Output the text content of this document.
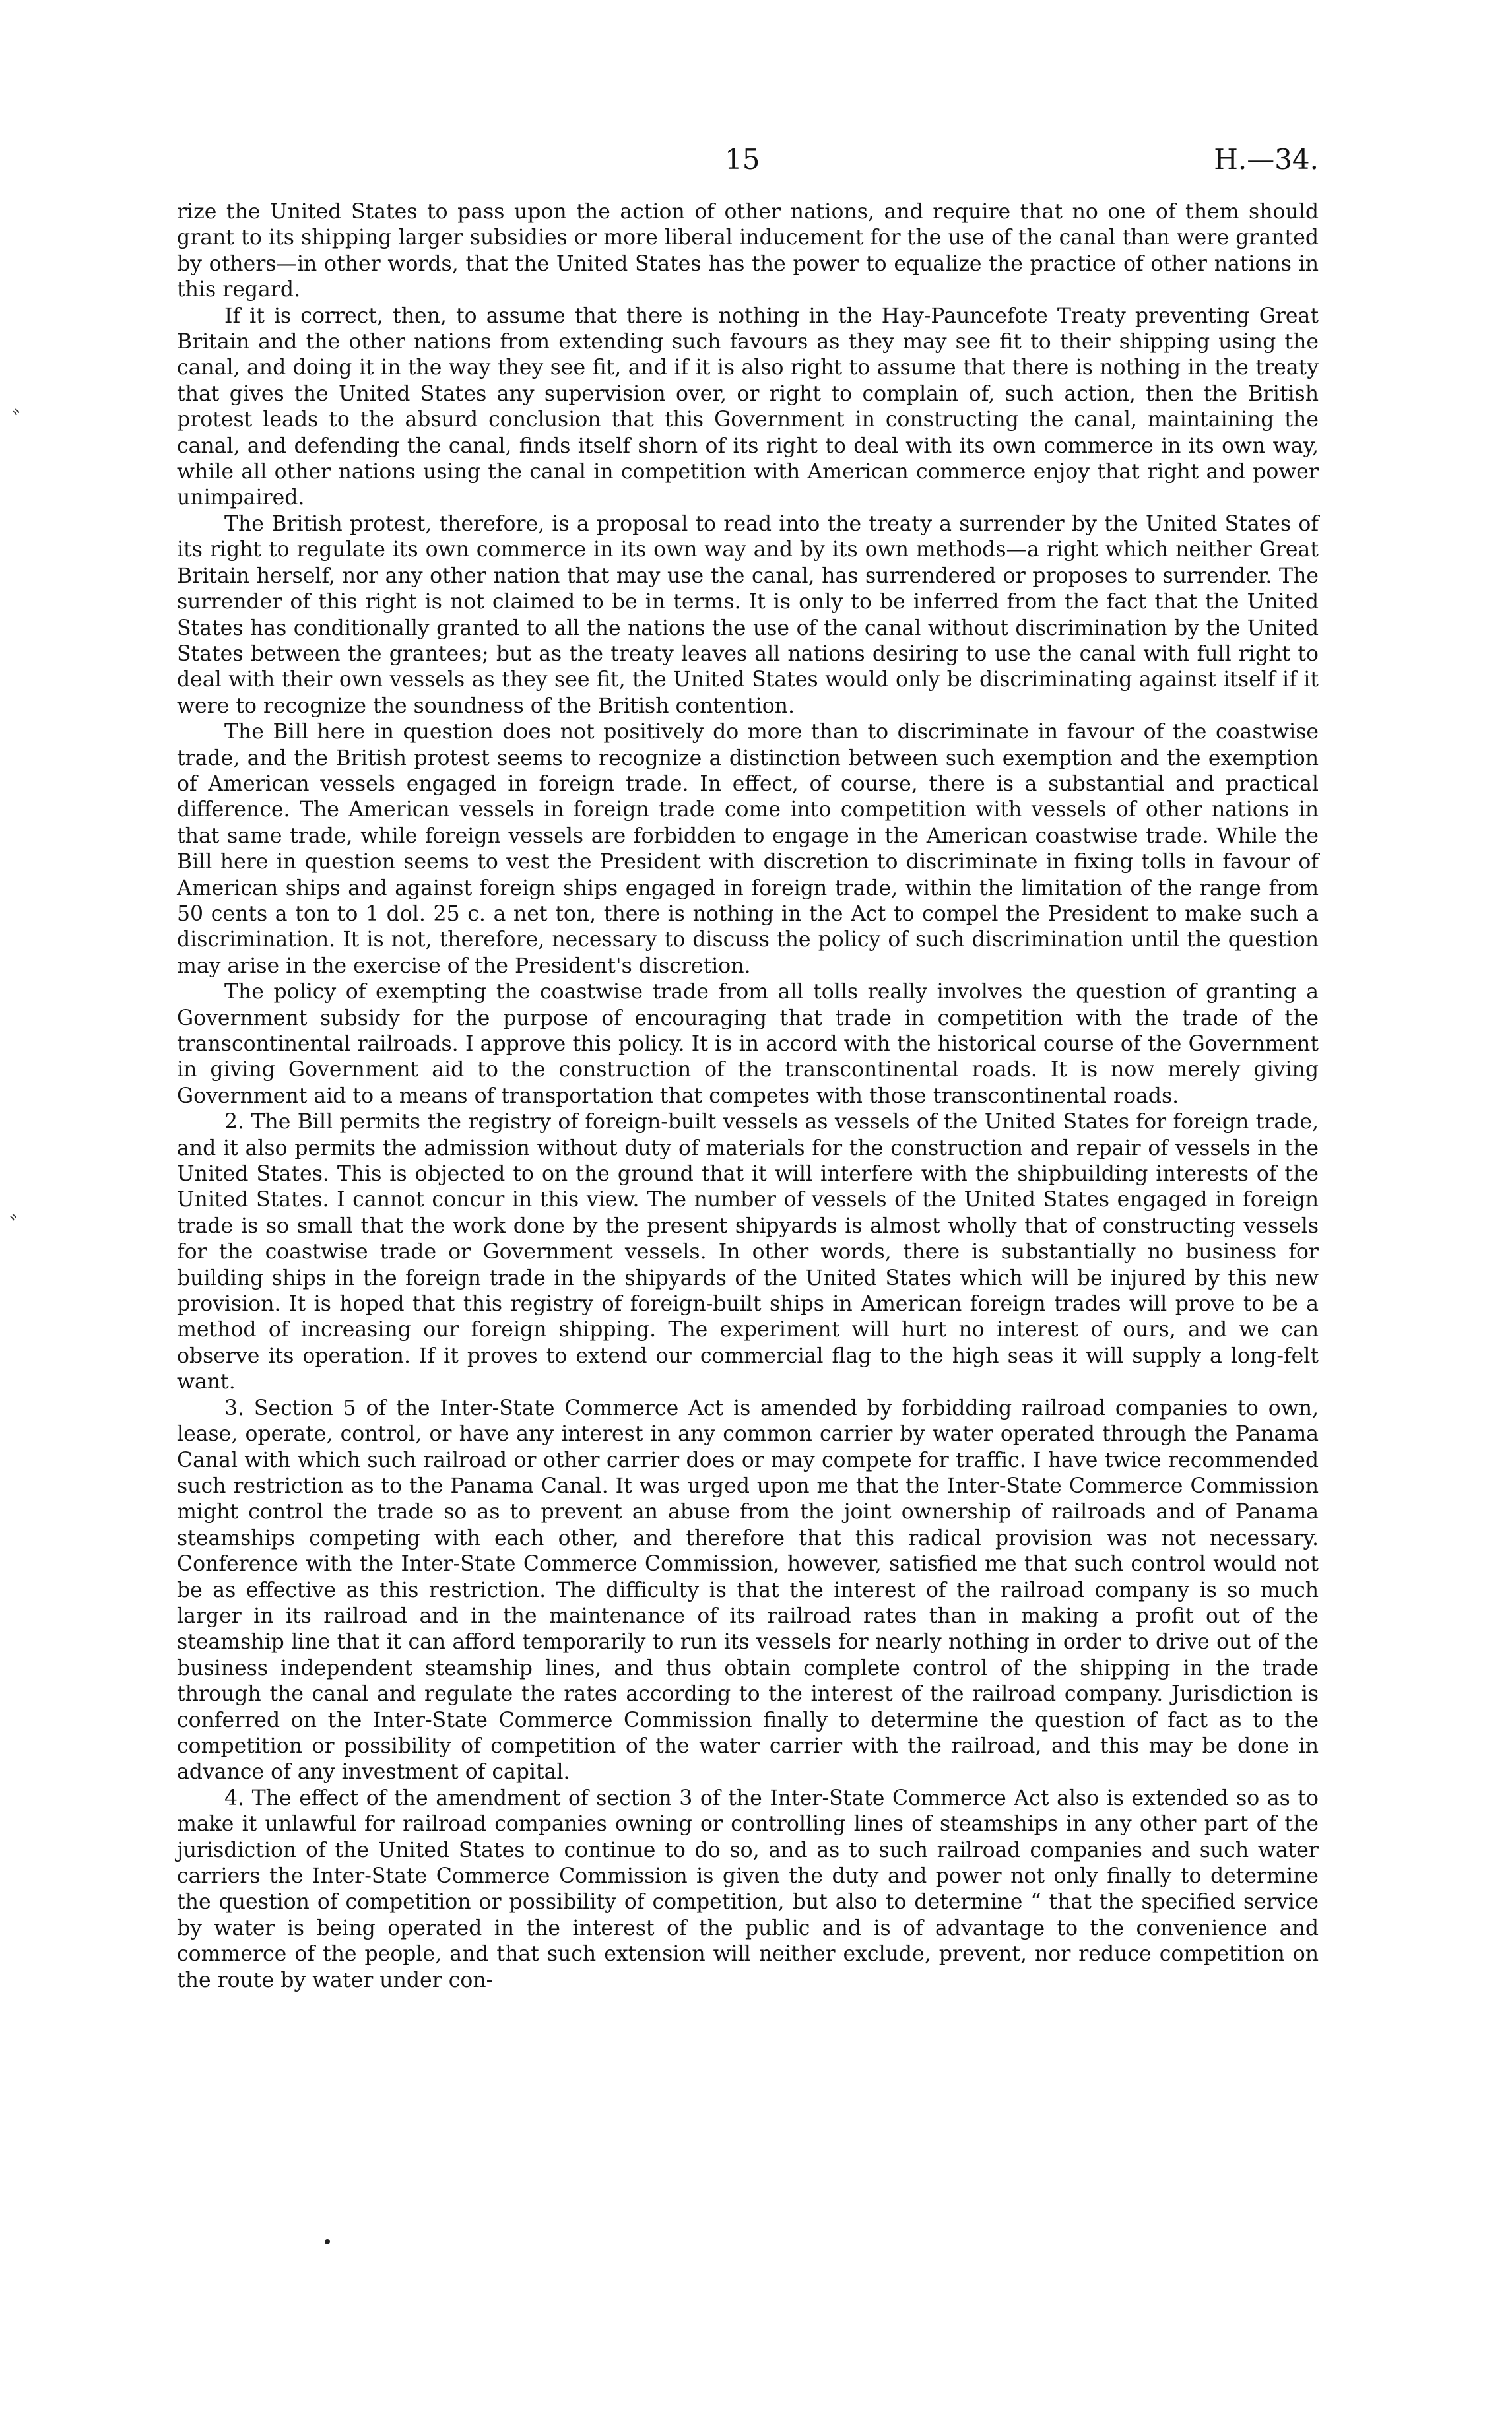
15	H.—34.

rize the United States to pass upon the action of other nations, and require that no one of them should grant to its shipping larger subsidies or more liberal inducement for the use of the canal than were granted by others—in other words, that the United States has the power to equalize the practice of other nations in this regard.

If it is correct, then, to assume that there is nothing in the Hay-Pauncefote Treaty preventing Great Britain and the other nations from extending such favours as they may see fit to their shipping using the canal, and doing it in the way they see fit, and if it is also right to assume that there is nothing in the treaty that gives the United States any supervision over, or right to complain of, such action, then the British protest leads to the absurd conclusion that this Government in constructing the canal, maintaining the canal, and defending the canal, finds itself shorn of its right to deal with its own commerce in its own way, while all other nations using the canal in competition with American commerce enjoy that right and power unimpaired.

The British protest, therefore, is a proposal to read into the treaty a surrender by the United States of its right to regulate its own commerce in its own way and by its own methods—a right which neither Great Britain herself, nor any other nation that may use the canal, has surrendered or proposes to surrender. The surrender of this right is not claimed to be in terms. It is only to be inferred from the fact that the United States has conditionally granted to all the nations the use of the canal without discrimination by the United States between the grantees; but as the treaty leaves all nations desiring to use the canal with full right to deal with their own vessels as they see fit, the United States would only be discriminating against itself if it were to recognize the soundness of the British contention.

The Bill here in question does not positively do more than to discriminate in favour of the coastwise trade, and the British protest seems to recognize a distinction between such exemption and the exemption of American vessels engaged in foreign trade. In effect, of course, there is a substantial and practical difference. The American vessels in foreign trade come into competition with vessels of other nations in that same trade, while foreign vessels are forbidden to engage in the American coastwise trade. While the Bill here in question seems to vest the President with discretion to discriminate in fixing tolls in favour of American ships and against foreign ships engaged in foreign trade, within the limitation of the range from 50 cents a ton to 1 dol. 25 c. a net ton, there is nothing in the Act to compel the President to make such a discrimination. It is not, therefore, necessary to discuss the policy of such discrimination until the question may arise in the exercise of the President's discretion.

The policy of exempting the coastwise trade from all tolls really involves the question of granting a Government subsidy for the purpose of encouraging that trade in competition with the trade of the transcontinental railroads. I approve this policy. It is in accord with the historical course of the Government in giving Government aid to the construction of the transcontinental roads. It is now merely giving Government aid to a means of transportation that competes with those transcontinental roads.

2. The Bill permits the registry of foreign-built vessels as vessels of the United States for foreign trade, and it also permits the admission without duty of materials for the construction and repair of vessels in the United States. This is objected to on the ground that it will interfere with the shipbuilding interests of the United States. I cannot concur in this view. The number of vessels of the United States engaged in foreign trade is so small that the work done by the present shipyards is almost wholly that of constructing vessels for the coastwise trade or Government vessels. In other words, there is substantially no business for building ships in the foreign trade in the shipyards of the United States which will be injured by this new provision. It is hoped that this registry of foreign-built ships in American foreign trades will prove to be a method of increasing our foreign shipping. The experiment will hurt no interest of ours, and we can observe its operation. If it proves to extend our commercial flag to the high seas it will supply a long-felt want.

3. Section 5 of the Inter-State Commerce Act is amended by forbidding railroad companies to own, lease, operate, control, or have any interest in any common carrier by water operated through the Panama Canal with which such railroad or other carrier does or may compete for traffic. I have twice recommended such restriction as to the Panama Canal. It was urged upon me that the Inter-State Commerce Commission might control the trade so as to prevent an abuse from the joint ownership of railroads and of Panama steamships competing with each other, and therefore that this radical provision was not necessary. Conference with the Inter-State Commerce Commission, however, satisfied me that such control would not be as effective as this restriction. The difficulty is that the interest of the railroad company is so much larger in its railroad and in the maintenance of its railroad rates than in making a profit out of the steamship line that it can afford temporarily to run its vessels for nearly nothing in order to drive out of the business independent steamship lines, and thus obtain complete control of the shipping in the trade through the canal and regulate the rates according to the interest of the railroad company. Jurisdiction is conferred on the Inter-State Commerce Commission finally to determine the question of fact as to the competition or possibility of competition of the water carrier with the railroad, and this may be done in advance of any investment of capital.

4. The effect of the amendment of section 3 of the Inter-State Commerce Act also is extended so as to make it unlawful for railroad companies owning or controlling lines of steamships in any other part of the jurisdiction of the United States to continue to do so, and as to such railroad companies and such water carriers the Inter-State Commerce Commission is given the duty and power not only finally to determine the question of competition or possibility of competition, but also to determine “ that the specified service by water is being operated in the interest of the public and is of advantage to the convenience and commerce of the people, and that such extension will neither exclude, prevent, nor reduce competition on the route by water under con-

ﾞ
ﾞ
